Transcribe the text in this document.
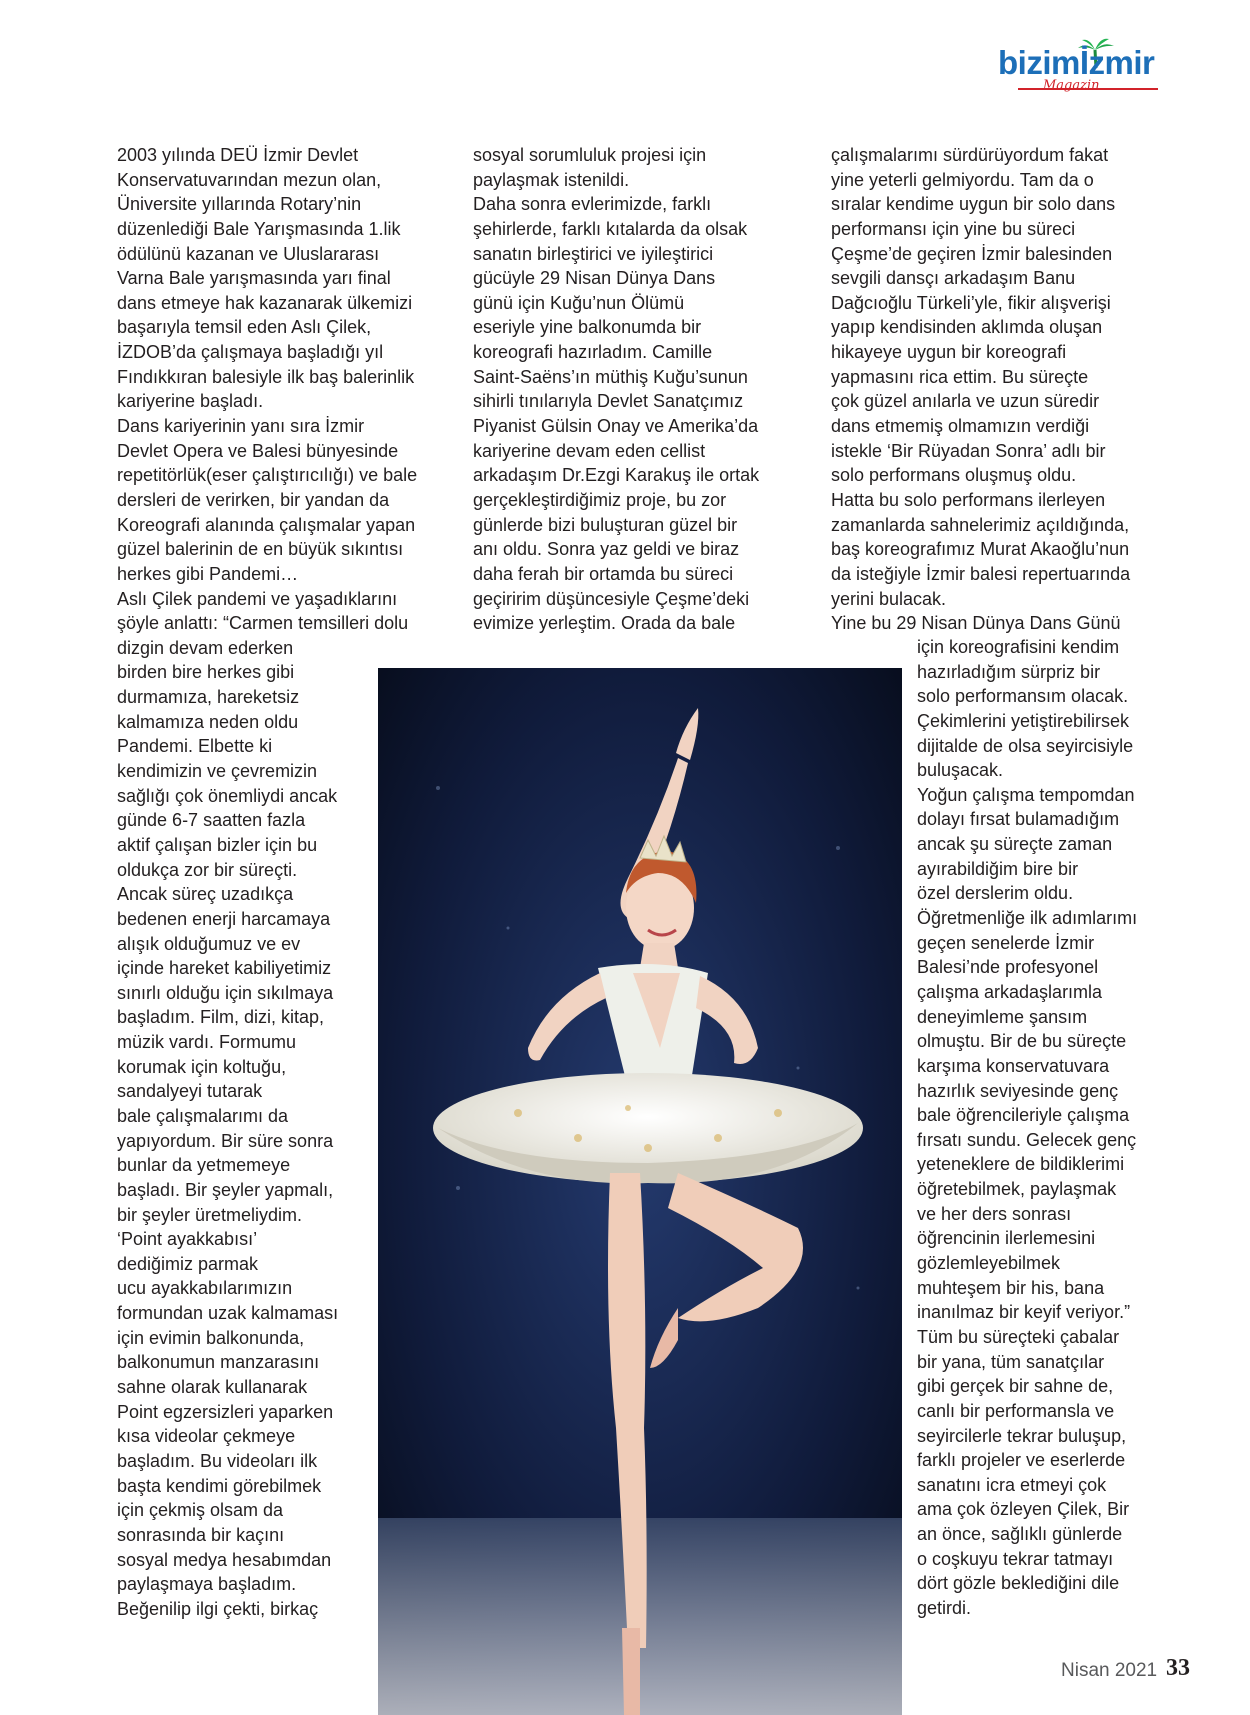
bizimİzmir
Magazin
2003 yılında DEÜ İzmir Devlet
Konservatuvarından mezun olan,
Üniversite yıllarında Rotary’nin
düzenlediği Bale Yarışmasında 1.lik
ödülünü kazanan ve Uluslararası
Varna Bale yarışmasında yarı final
dans etmeye hak kazanarak ülkemizi
başarıyla temsil eden Aslı Çilek,
İZDOB’da çalışmaya başladığı yıl
Fındıkkıran balesiyle ilk baş balerinlik
kariyerine başladı.
Dans kariyerinin yanı sıra İzmir
Devlet Opera ve Balesi bünyesinde
repetitörlük(eser çalıştırıcılığı) ve bale
dersleri de verirken, bir yandan da
Koreografi alanında çalışmalar yapan
güzel balerinin de en büyük sıkıntısı
herkes gibi Pandemi…
Aslı Çilek pandemi ve yaşadıklarını
şöyle anlattı: “Carmen temsilleri dolu
dizgin devam ederken
birden bire herkes gibi
durmamıza, hareketsiz
kalmamıza neden oldu
Pandemi. Elbette ki
kendimizin ve çevremizin
sağlığı çok önemliydi ancak
günde 6-7 saatten fazla
aktif çalışan bizler için bu
oldukça zor bir süreçti.
Ancak süreç uzadıkça
bedenen enerji harcamaya
alışık olduğumuz ve ev
içinde hareket kabiliyetimiz
sınırlı olduğu için sıkılmaya
başladım. Film, dizi, kitap,
müzik vardı. Formumu
korumak için koltuğu,
sandalyeyi tutarak
bale çalışmalarımı da
yapıyordum. Bir süre sonra
bunlar da yetmemeye
başladı. Bir şeyler yapmalı,
bir şeyler üretmeliydim.
‘Point ayakkabısı’
dediğimiz parmak
ucu ayakkabılarımızın
formundan uzak kalmaması
için evimin balkonunda,
balkonumun manzarasını
sahne olarak kullanarak
Point egzersizleri yaparken
kısa videolar çekmeye
başladım. Bu videoları ilk
başta kendimi görebilmek
için çekmiş olsam da
sonrasında bir kaçını
sosyal medya hesabımdan
paylaşmaya başladım.
Beğenilip ilgi çekti, birkaç
sosyal sorumluluk projesi için
paylaşmak istenildi.
Daha sonra evlerimizde, farklı
şehirlerde, farklı kıtalarda da olsak
sanatın birleştirici ve iyileştirici
gücüyle 29 Nisan Dünya Dans
günü için Kuğu’nun Ölümü
eseriyle yine balkonumda bir
koreografi hazırladım. Camille
Saint-Saëns’ın müthiş Kuğu’sunun
sihirli tınılarıyla Devlet Sanatçımız
Piyanist Gülsin Onay ve Amerika’da
kariyerine devam eden cellist
arkadaşım Dr.Ezgi Karakuş ile ortak
gerçekleştirdiğimiz proje, bu zor
günlerde bizi buluşturan güzel bir
anı oldu. Sonra yaz geldi ve biraz
daha ferah bir ortamda bu süreci
geçiririm düşüncesiyle Çeşme’deki
evimize yerleştim. Orada da bale
çalışmalarımı sürdürüyordum fakat
yine yeterli gelmiyordu. Tam da o
sıralar kendime uygun bir solo dans
performansı için yine bu süreci
Çeşme’de geçiren İzmir balesinden
sevgili dansçı arkadaşım Banu
Dağcıoğlu Türkeli’yle, fikir alışverişi
yapıp kendisinden aklımda oluşan
hikayeye uygun bir koreografi
yapmasını rica ettim. Bu süreçte
çok güzel anılarla ve uzun süredir
dans etmemiş olmamızın verdiği
istekle ‘Bir Rüyadan Sonra’ adlı bir
solo performans oluşmuş oldu.
Hatta bu solo performans ilerleyen
zamanlarda sahnelerimiz açıldığında,
baş koreografımız Murat Akaoğlu’nun
da isteğiyle İzmir balesi repertuarında
yerini bulacak.
Yine bu 29 Nisan Dünya Dans Günü
için koreografisini kendim
hazırladığım sürpriz bir
solo performansım olacak.
Çekimlerini yetiştirebilirsek
dijitalde de olsa seyircisiyle
buluşacak.
Yoğun çalışma tempomdan
dolayı fırsat bulamadığım
ancak şu süreçte zaman
ayırabildiğim bire bir
özel derslerim oldu.
Öğretmenliğe ilk adımlarımı
geçen senelerde İzmir
Balesi’nde profesyonel
çalışma arkadaşlarımla
deneyimleme şansım
olmuştu. Bir de bu süreçte
karşıma konservatuvara
hazırlık seviyesinde genç
bale öğrencileriyle çalışma
fırsatı sundu. Gelecek genç
yeteneklere de bildiklerimi
öğretebilmek, paylaşmak
ve her ders sonrası
öğrencinin ilerlemesini
gözlemleyebilmek
muhteşem bir his, bana
inanılmaz bir keyif veriyor.”
Tüm bu süreçteki çabalar
bir yana, tüm sanatçılar
gibi gerçek bir sahne de,
canlı bir performansla ve
seyircilerle tekrar buluşup,
farklı projeler ve eserlerde
sanatını icra etmeyi çok
ama çok özleyen Çilek, Bir
an önce, sağlıklı günlerde
o coşkuyu tekrar tatmayı
dört gözle beklediğini dile
getirdi.
Nisan 2021 33
